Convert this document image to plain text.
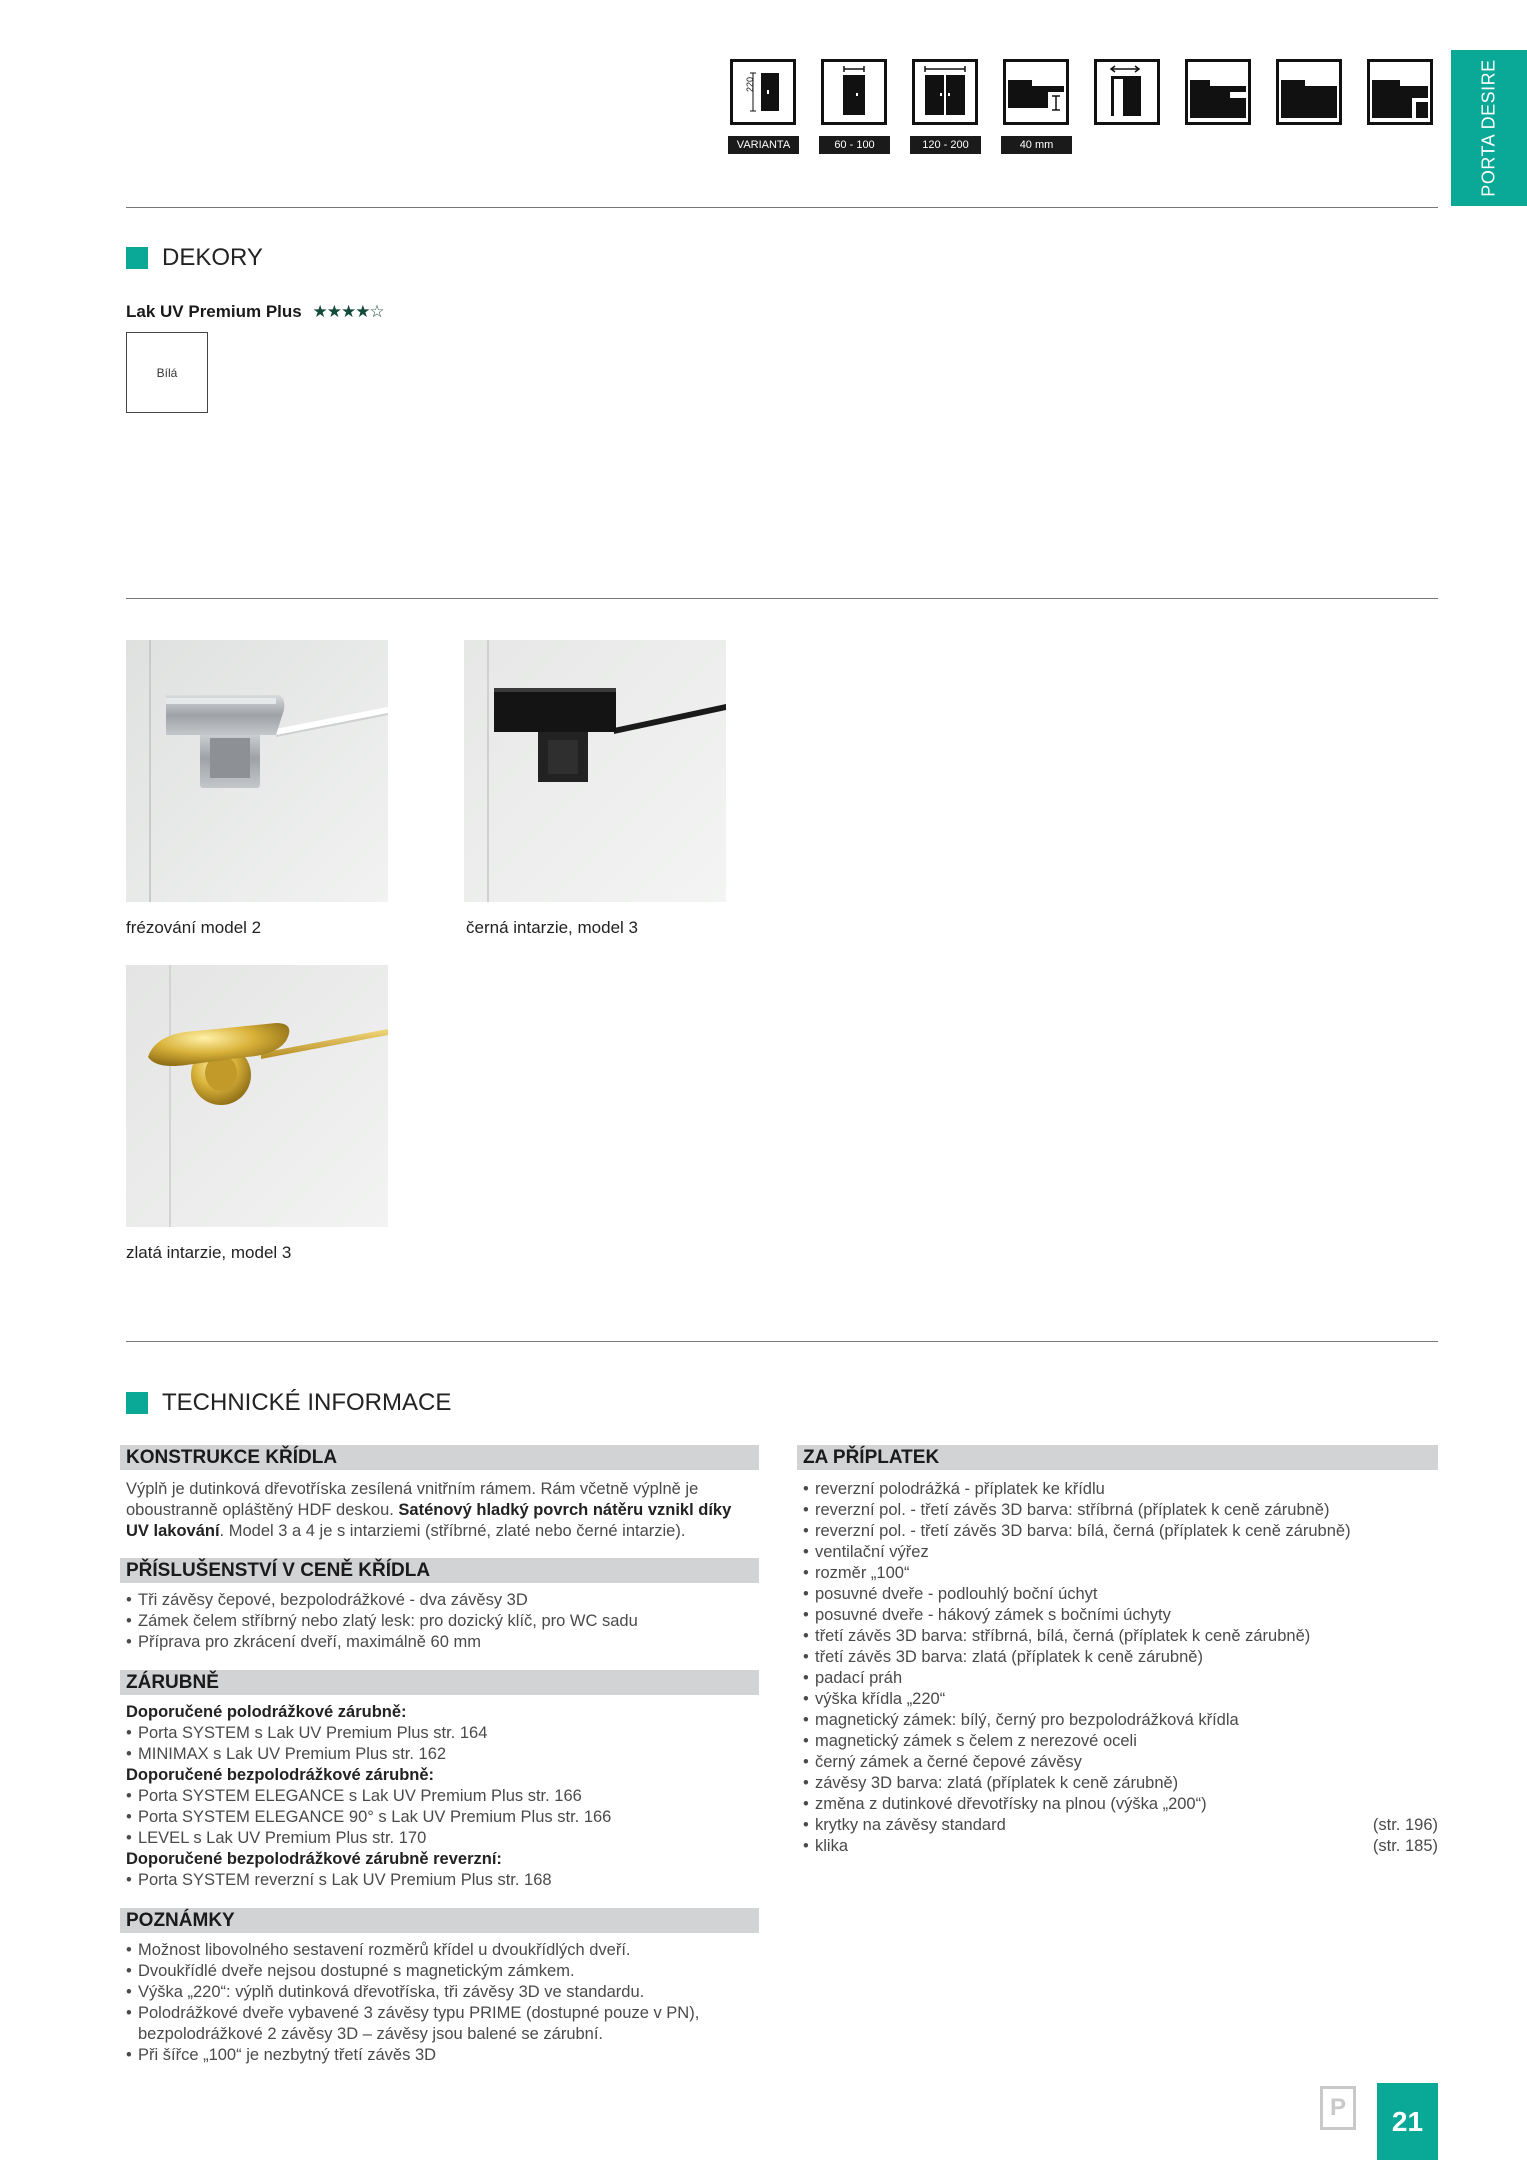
220
VARIANTA 220
60 - 100	120 - 200	40 mm	PORTA DESIRE
DEKORY
Lak UV Premium Plus ★★★★☆
Bílá
frézování model 2	černá intarzie, model 3
zlatá intarzie, model 3
TECHNICKÉ INFORMACE
KONSTRUKCE KŘÍDLA
Výplň je dutinková dřevotříska zesílená vnitřním rámem. Rám včetně výplně je oboustranně opláštěný HDF deskou. Saténový hladký povrch nátěru vznikl díky UV lakování. Model 3 a 4 je s intarziemi (stříbrné, zlaté nebo černé intarzie).
PŘÍSLUŠENSTVÍ V CENĚ KŘÍDLA
• Tři závěsy čepové, bezpolodrážkové - dva závěsy 3D
• Zámek čelem stříbrný nebo zlatý lesk: pro dozický klíč, pro WC sadu
• Příprava pro zkrácení dveří, maximálně 60 mm
ZÁRUBNĚ
Doporučené polodrážkové zárubně:
• Porta SYSTEM s Lak UV Premium Plus str. 164
• MINIMAX s Lak UV Premium Plus str. 162
Doporučené bezpolodrážkové zárubně:
• Porta SYSTEM ELEGANCE s Lak UV Premium Plus str. 166
• Porta SYSTEM ELEGANCE 90° s Lak UV Premium Plus str. 166
• LEVEL s Lak UV Premium Plus str. 170
Doporučené bezpolodrážkové zárubně reverzní:
• Porta SYSTEM reverzní s Lak UV Premium Plus str. 168
POZNÁMKY
• Možnost libovolného sestavení rozměrů křídel u dvoukřídlých dveří.
• Dvoukřídlé dveře nejsou dostupné s magnetickým zámkem.
• Výška „220“: výplň dutinková dřevotříska, tři závěsy 3D ve standardu.
• Polodrážkové dveře vybavené 3 závěsy typu PRIME (dostupné pouze v PN), bezpolodrážkové 2 závěsy 3D – závěsy jsou balené se zárubní.
• Při šířce „100“ je nezbytný třetí závěs 3D
ZA PŘÍPLATEK
• reverzní polodrážká - příplatek ke křídlu
• reverzní pol. - třetí závěs 3D barva: stříbrná (příplatek k ceně zárubně)
• reverzní pol. - třetí závěs 3D barva: bílá, černá (příplatek k ceně zárubně)
• ventilační výřez
• rozměr „100“
• posuvné dveře - podlouhlý boční úchyt
• posuvné dveře - hákový zámek s bočními úchyty
• třetí závěs 3D barva: stříbrná, bílá, černá (příplatek k ceně zárubně)
• třetí závěs 3D barva: zlatá (příplatek k ceně zárubně)
• padací práh
• výška křídla „220“
• magnetický zámek: bílý, černý pro bezpolodrážková křídla
• magnetický zámek s čelem z nerezové oceli
• černý zámek a černé čepové závěsy
• závěsy 3D barva: zlatá (příplatek k ceně zárubně)
• změna z dutinkové dřevotřísky na plnou (výška „200“)
• krytky na závěsy standard	(str. 196)
• klika	(str. 185)
P	21
